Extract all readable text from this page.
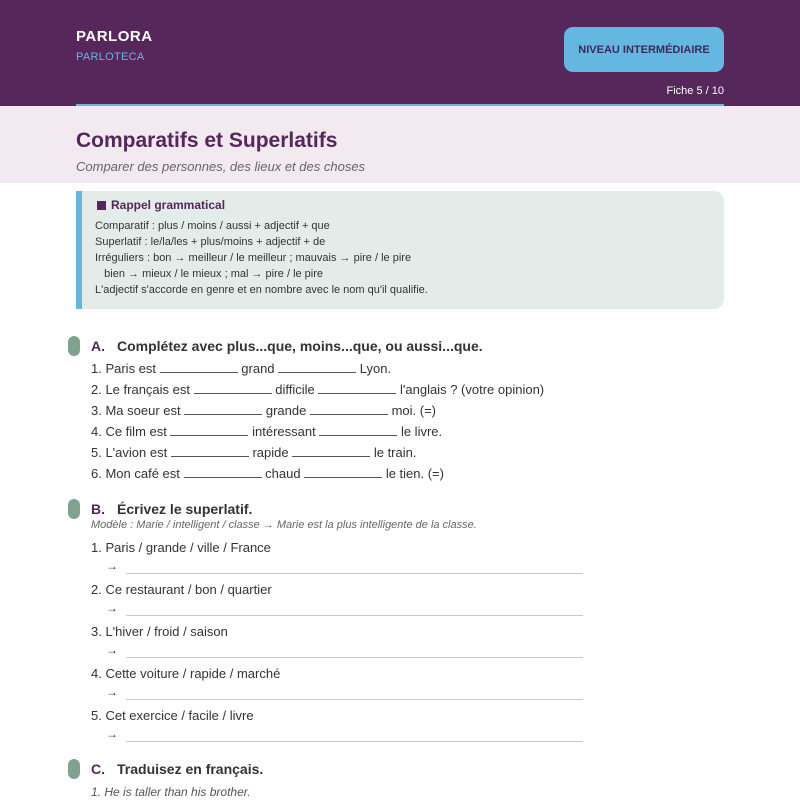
PARLORA
PARLOTECA
NIVEAU INTERMÉDIAIRE
Fiche 5 / 10
Comparatifs et Superlatifs
Comparer des personnes, des lieux et des choses
Rappel grammatical
Comparatif : plus / moins / aussi + adjectif + que
Superlatif : le/la/les + plus/moins + adjectif + de
Irréguliers : bon → meilleur / le meilleur ; mauvais → pire / le pire
bien → mieux / le mieux ; mal → pire / le pire
L'adjectif s'accorde en genre et en nombre avec le nom qu'il qualifie.
A. Complétez avec plus...que, moins...que, ou aussi...que.
1. Paris est	grand	Lyon.
2. Le français est	difficile	l'anglais ? (votre opinion)
3. Ma soeur est	grande	moi. (=)
4. Ce film est	intéressant	le livre.
5. L'avion est	rapide	le train.
6. Mon café est	chaud	le tien. (=)
B. Écrivez le superlatif.
Modèle : Marie / intelligent / classe → Marie est la plus intelligente de la classe.
1. Paris / grande / ville / France
→
2. Ce restaurant / bon / quartier
→
3. L'hiver / froid / saison
→
4. Cette voiture / rapide / marché
→
5. Cet exercice / facile / livre
→
C. Traduisez en français.
1. He is taller than his brother.
